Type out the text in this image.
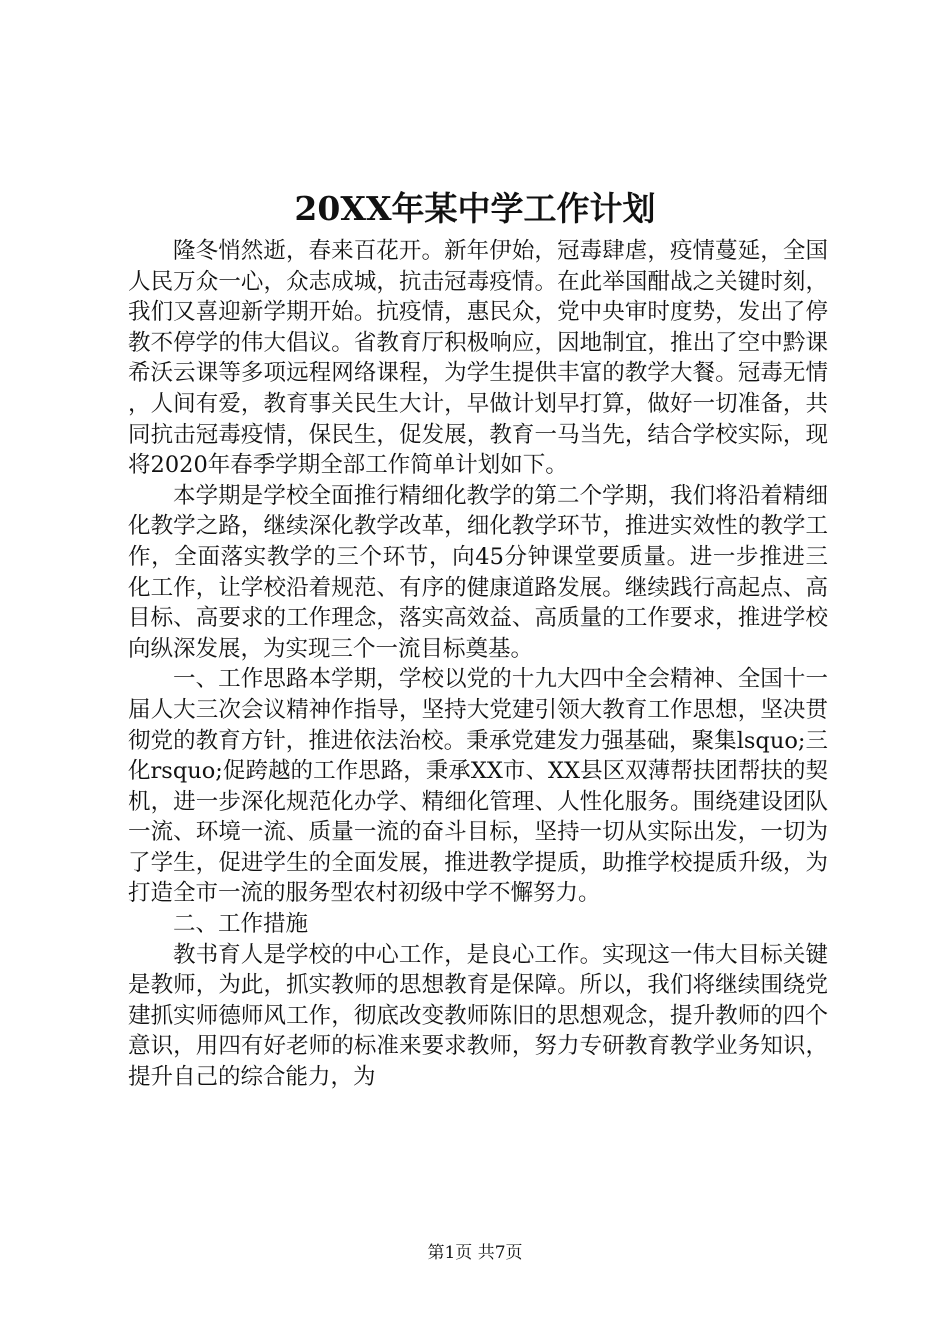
20XX年某中学工作计划

隆冬悄然逝，春来百花开。新年伊始，冠毒肆虐，疫情蔓延，全国人民万众一心，众志成城，抗击冠毒疫情。在此举国酣战之关键时刻，我们又喜迎新学期开始。抗疫情，惠民众，党中央审时度势，发出了停教不停学的伟大倡议。省教育厅积极响应，因地制宜，推出了空中黔课希沃云课等多项远程网络课程，为学生提供丰富的教学大餐。冠毒无情，人间有爱，教育事关民生大计，早做计划早打算，做好一切准备，共同抗击冠毒疫情，保民生，促发展，教育一马当先，结合学校实际，现将2020年春季学期全部工作简单计划如下。

本学期是学校全面推行精细化教学的第二个学期，我们将沿着精细化教学之路，继续深化教学改革，细化教学环节，推进实效性的教学工作，全面落实教学的三个环节，向45分钟课堂要质量。进一步推进三化工作，让学校沿着规范、有序的健康道路发展。继续践行高起点、高目标、高要求的工作理念，落实高效益、高质量的工作要求，推进学校向纵深发展，为实现三个一流目标奠基。

一、工作思路本学期，学校以党的十九大四中全会精神、全国十一届人大三次会议精神作指导，坚持大党建引领大教育工作思想，坚决贯彻党的教育方针，推进依法治校。秉承党建发力强基础，聚集lsquo;三化rsquo;促跨越的工作思路，秉承XX市、XX县区双薄帮扶团帮扶的契机，进一步深化规范化办学、精细化管理、人性化服务。围绕建设团队一流、环境一流、质量一流的奋斗目标，坚持一切从实际出发，一切为了学生，促进学生的全面发展，推进教学提质，助推学校提质升级，为打造全市一流的服务型农村初级中学不懈努力。

二、工作措施

教书育人是学校的中心工作，是良心工作。实现这一伟大目标关键是教师，为此，抓实教师的思想教育是保障。所以，我们将继续围绕党建抓实师德师风工作，彻底改变教师陈旧的思想观念，提升教师的四个意识，用四有好老师的标准来要求教师，努力专研教育教学业务知识，提升自己的综合能力，为

第1页 共7页
